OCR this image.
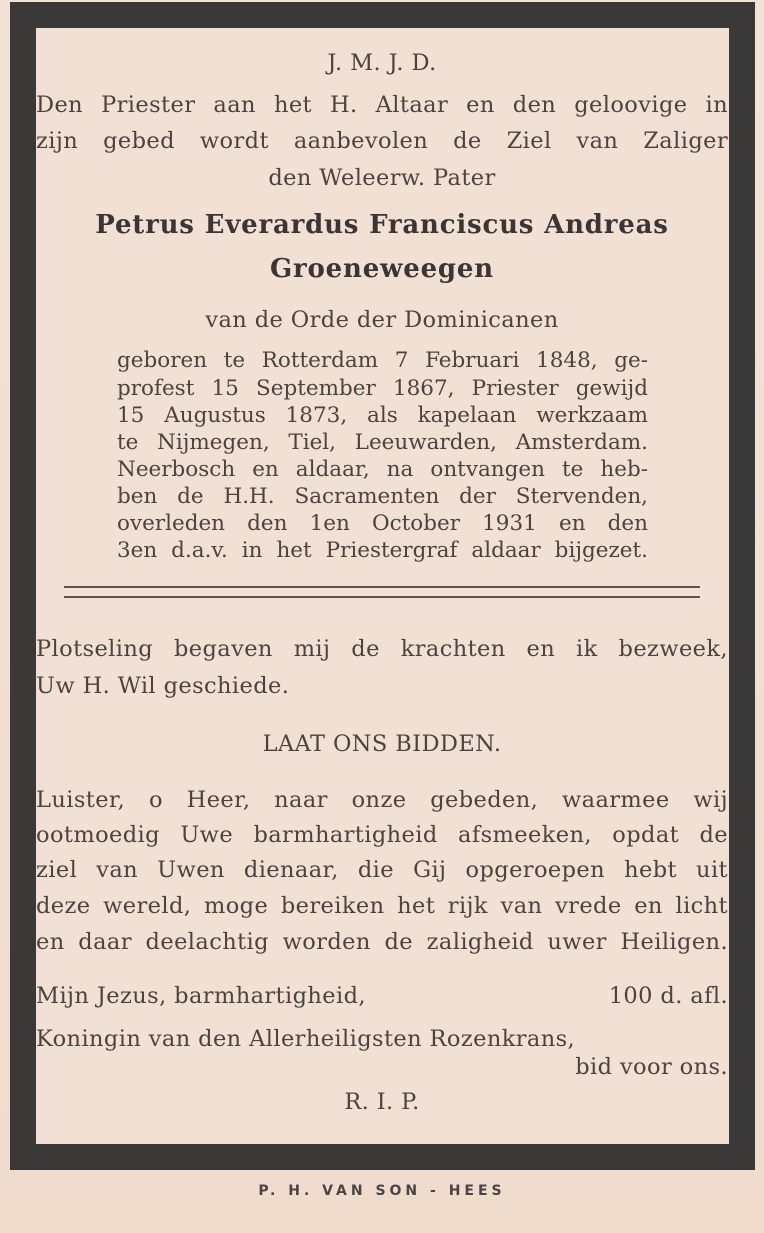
J. M. J. D.
Den Priester aan het H. Altaar en den geloovige in
zijn gebed wordt aanbevolen de Ziel van Zaliger
den Weleerw. Pater
Petrus Everardus Franciscus Andreas
Groeneweegen
van de Orde der Dominicanen
geboren te Rotterdam 7 Februari 1848, ge-
profest 15 September 1867, Priester gewijd
15 Augustus 1873, als kapelaan werkzaam
te Nijmegen, Tiel, Leeuwarden, Amsterdam.
Neerbosch en aldaar, na ontvangen te heb-
ben de H.H. Sacramenten der Stervenden,
overleden den 1en October 1931 en den
3en d.a.v. in het Priestergraf aldaar bijgezet.
Plotseling begaven mij de krachten en ik bezweek,
Uw H. Wil geschiede.
LAAT ONS BIDDEN.
Luister, o Heer, naar onze gebeden, waarmee wij
ootmoedig Uwe barmhartigheid afsmeeken, opdat de
ziel van Uwen dienaar, die Gij opgeroepen hebt uit
deze wereld, moge bereiken het rijk van vrede en licht
en daar deelachtig worden de zaligheid uwer Heiligen.
Mijn Jezus, barmhartigheid,	100 d. afl.
Koningin van den Allerheiligsten Rozenkrans,
bid voor ons.
R. I. P.
P. H. VAN SON - HEES
